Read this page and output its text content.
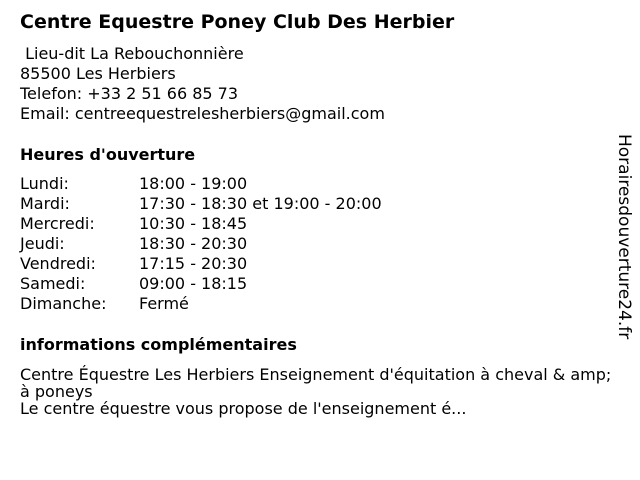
Centre Equestre Poney Club Des Herbier
Lieu-dit La Rebouchonnière
85500 Les Herbiers
Telefon: +33 2 51 66 85 73
Email: centreequestrelesherbiers@gmail.com
Heures d'ouverture
Lundi:	18:00 - 19:00
Mardi:	17:30 - 18:30 et 19:00 - 20:00
Mercredi:	10:30 - 18:45
Jeudi:	18:30 - 20:30
Vendredi:	17:15 - 20:30
Samedi:	09:00 - 18:15
Dimanche:	Fermé
informations complémentaires
Centre Équestre Les Herbiers Enseignement d'équitation à cheval & amp; à poneys
Le centre équestre vous propose de l'enseignement é...
Horairesdouverture24.fr
